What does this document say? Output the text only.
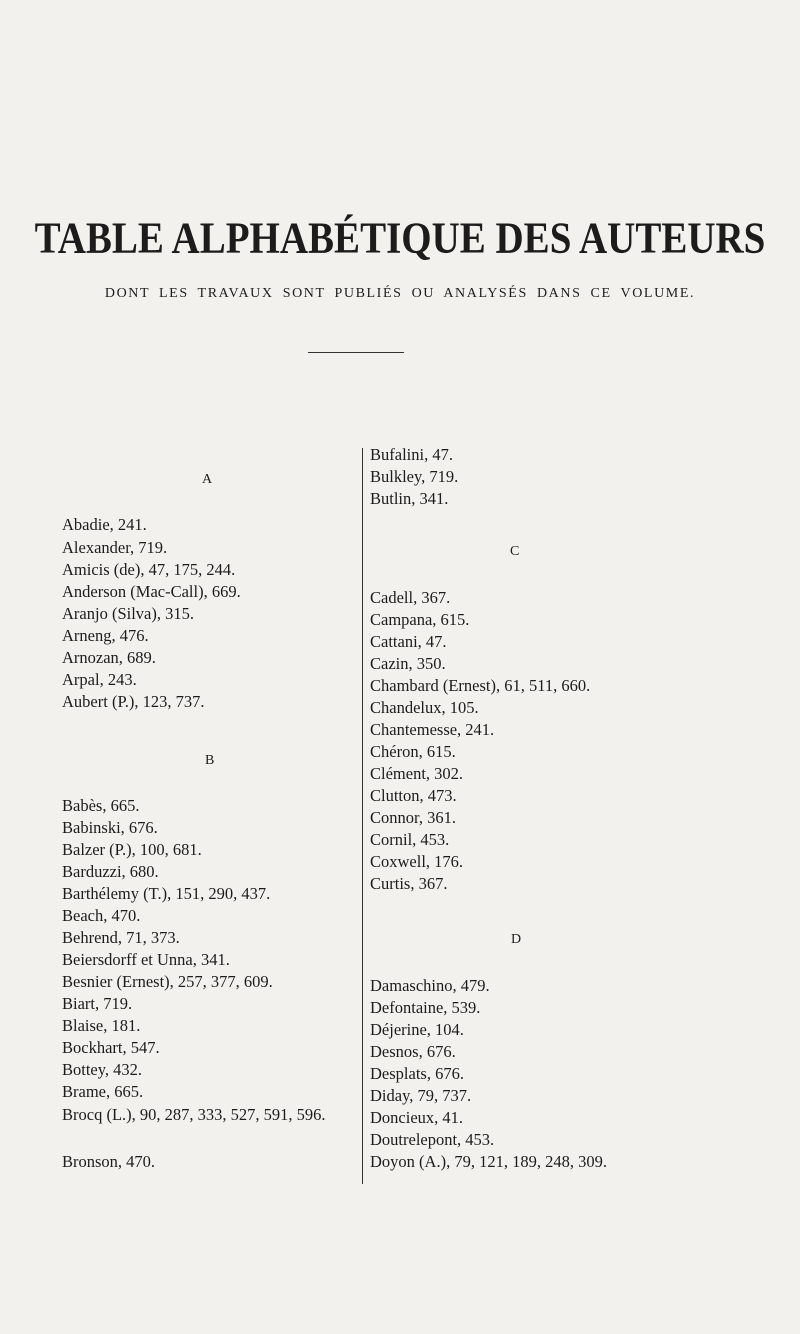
TABLE ALPHABÉTIQUE DES AUTEURS
DONT LES TRAVAUX SONT PUBLIÉS OU ANALYSÉS DANS CE VOLUME.
A
Abadie, 241.
Alexander, 719.
Amicis (de), 47, 175, 244.
Anderson (Mac-Call), 669.
Aranjo (Silva), 315.
Arneng, 476.
Arnozan, 689.
Arpal, 243.
Aubert (P.), 123, 737.
B
Babès, 665.
Babinski, 676.
Balzer (P.), 100, 681.
Barduzzi, 680.
Barthélemy (T.), 151, 290, 437.
Beach, 470.
Behrend, 71, 373.
Beiersdorff et Unna, 341.
Besnier (Ernest), 257, 377, 609.
Biart, 719.
Blaise, 181.
Bockhart, 547.
Bottey, 432.
Brame, 665.
Brocq (L.), 90, 287, 333, 527, 591, 596.
Bronson, 470.
Bufalini, 47.
Bulkley, 719.
Butlin, 341.
C
Cadell, 367.
Campana, 615.
Cattani, 47.
Cazin, 350.
Chambard (Ernest), 61, 511, 660.
Chandelux, 105.
Chantemesse, 241.
Chéron, 615.
Clément, 302.
Clutton, 473.
Connor, 361.
Cornil, 453.
Coxwell, 176.
Curtis, 367.
D
Damaschino, 479.
Defontaine, 539.
Déjerine, 104.
Desnos, 676.
Desplats, 676.
Diday, 79, 737.
Doncieux, 41.
Doutrelepont, 453.
Doyon (A.), 79, 121, 189, 248, 309.
